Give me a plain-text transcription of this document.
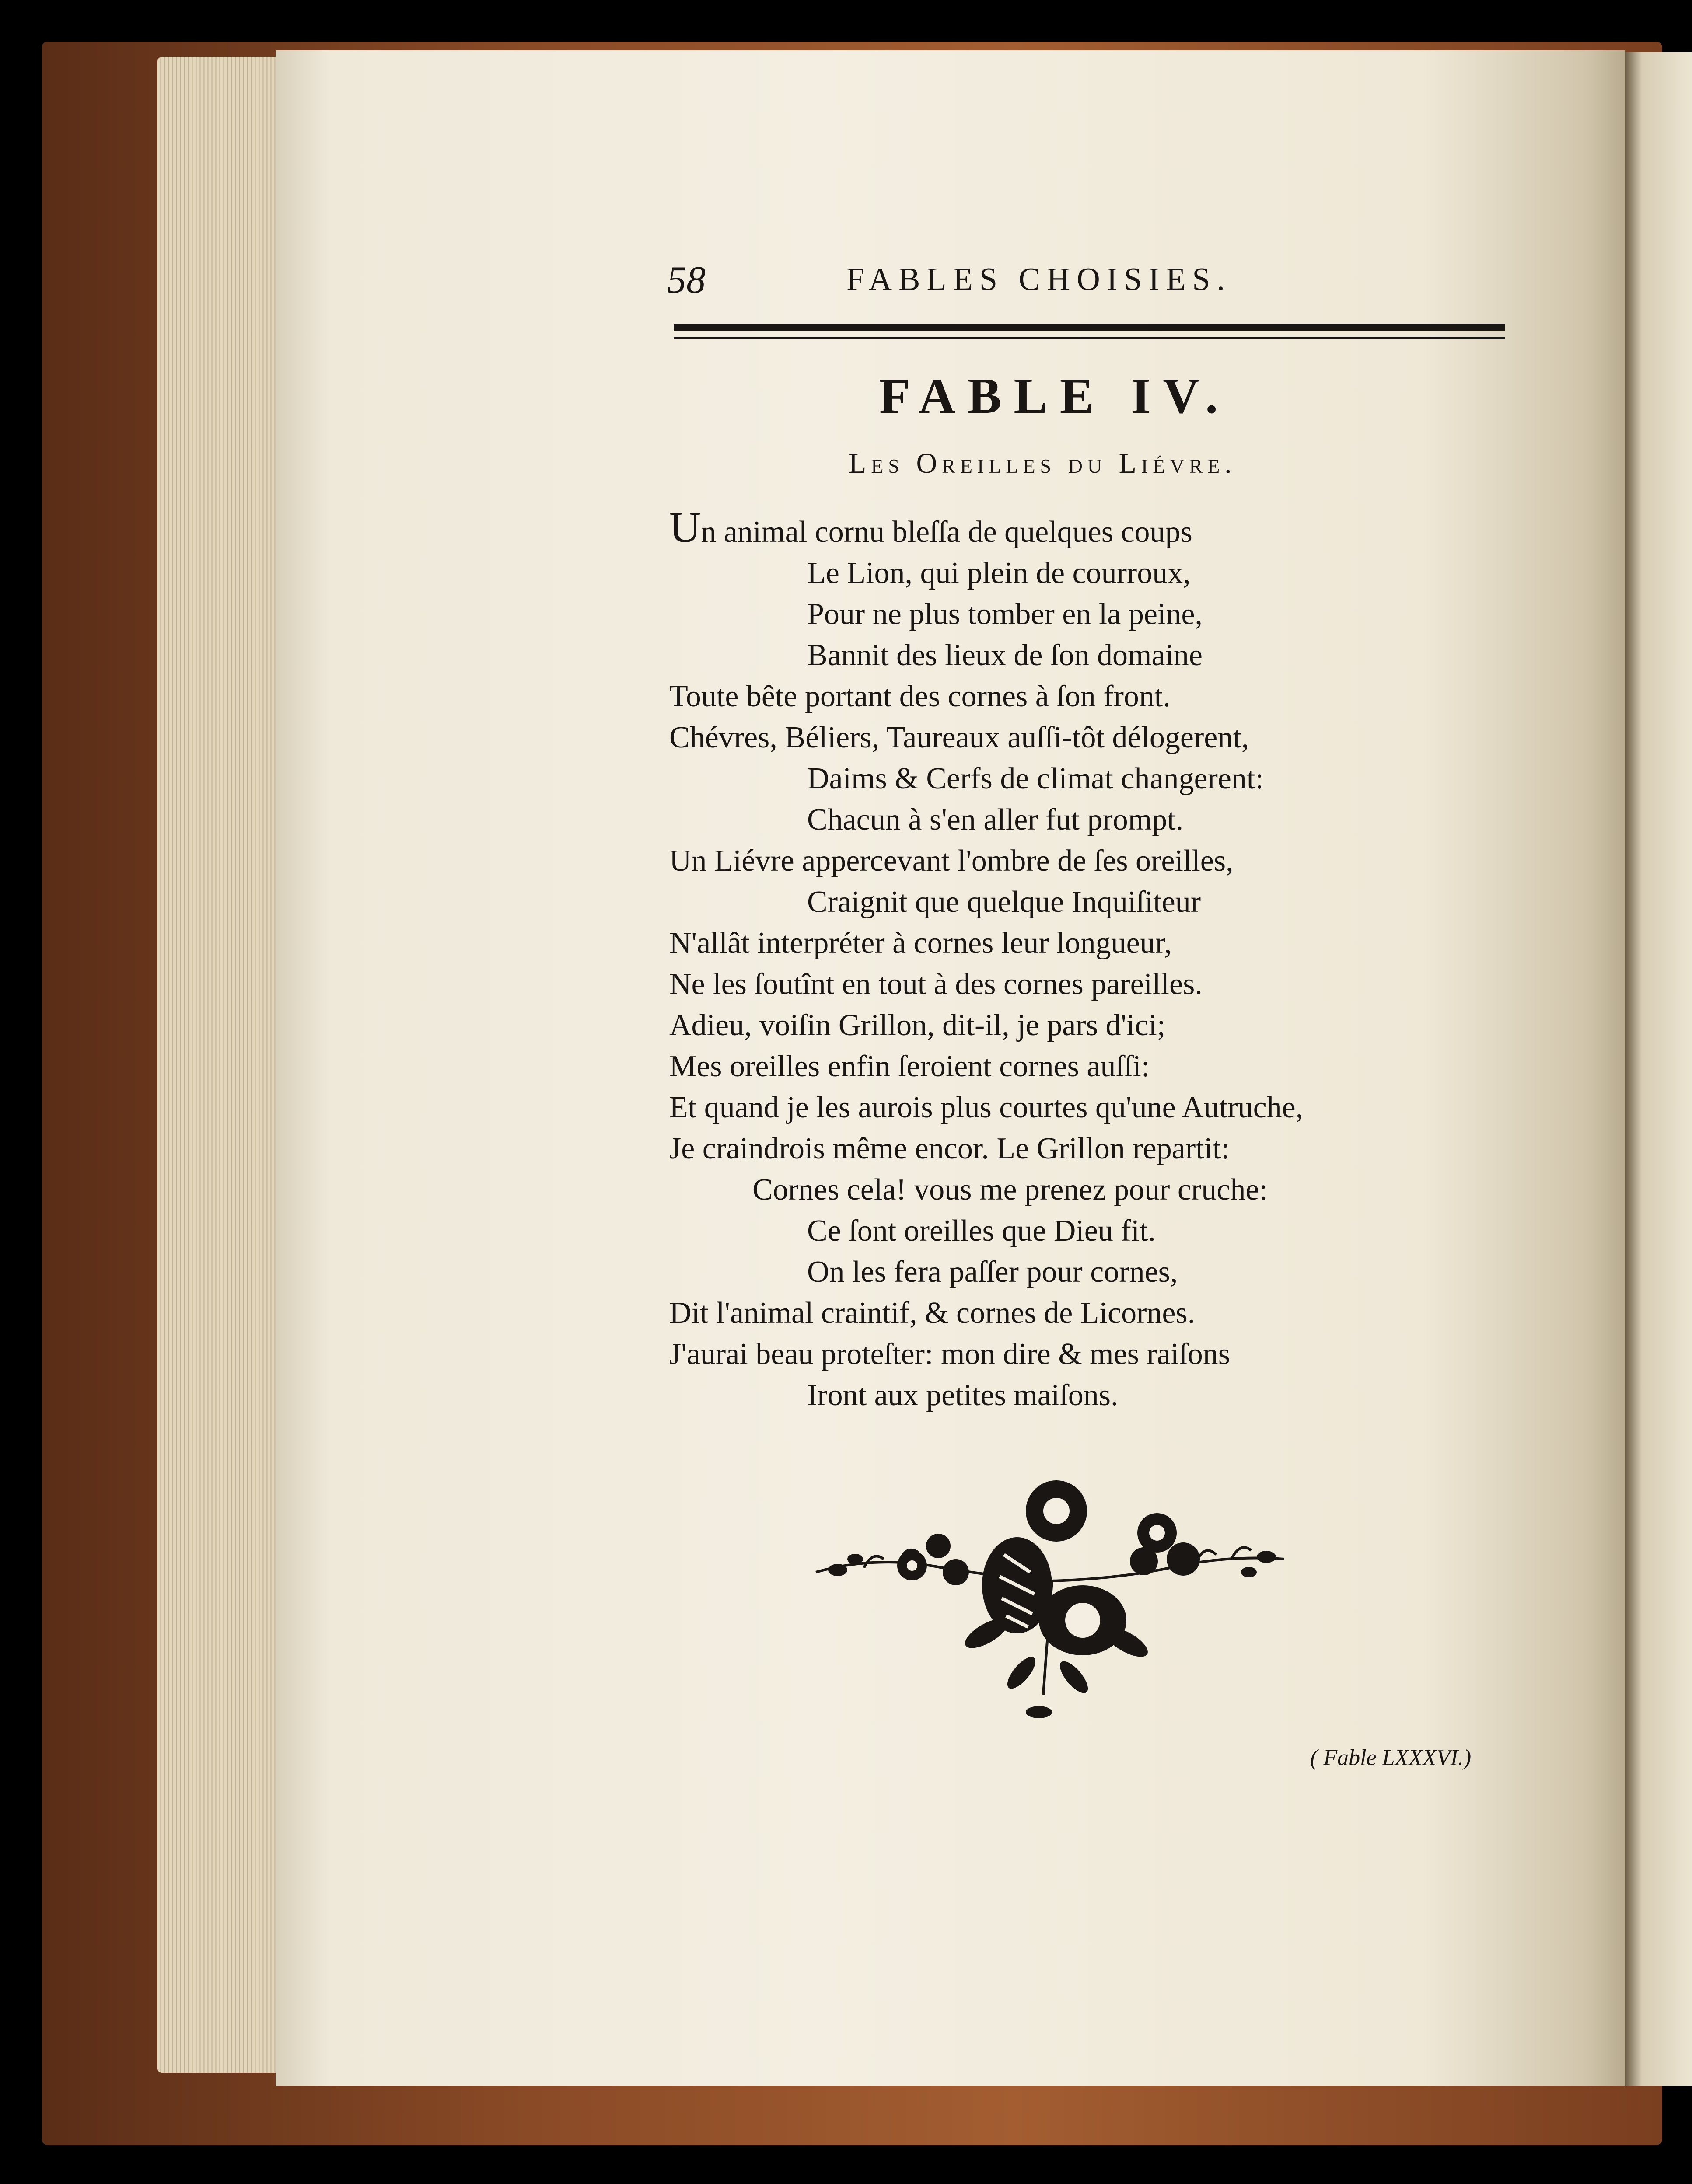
58	FABLES CHOISIES.
FABLE IV.
Les Oreilles du Liévre.
Un animal cornu bleſſa de quelques coups
Le Lion, qui plein de courroux,
Pour ne plus tomber en la peine,
Bannit des lieux de ſon domaine
Toute bête portant des cornes à ſon front.
Chévres, Béliers, Taureaux auſſi-tôt délogerent,
Daims & Cerfs de climat changerent:
Chacun à s'en aller fut prompt.
Un Liévre appercevant l'ombre de ſes oreilles,
Craignit que quelque Inquiſiteur
N'allât interpréter à cornes leur longueur,
Ne les ſoutînt en tout à des cornes pareilles.
Adieu, voiſin Grillon, dit-il, je pars d'ici;
Mes oreilles enfin ſeroient cornes auſſi:
Et quand je les aurois plus courtes qu'une Autruche,
Je craindrois même encor. Le Grillon repartit:
Cornes cela! vous me prenez pour cruche:
Ce ſont oreilles que Dieu fit.
On les fera paſſer pour cornes,
Dit l'animal craintif, & cornes de Licornes.
J'aurai beau proteſter: mon dire & mes raiſons
Iront aux petites maiſons.
( Fable LXXXVI.)
